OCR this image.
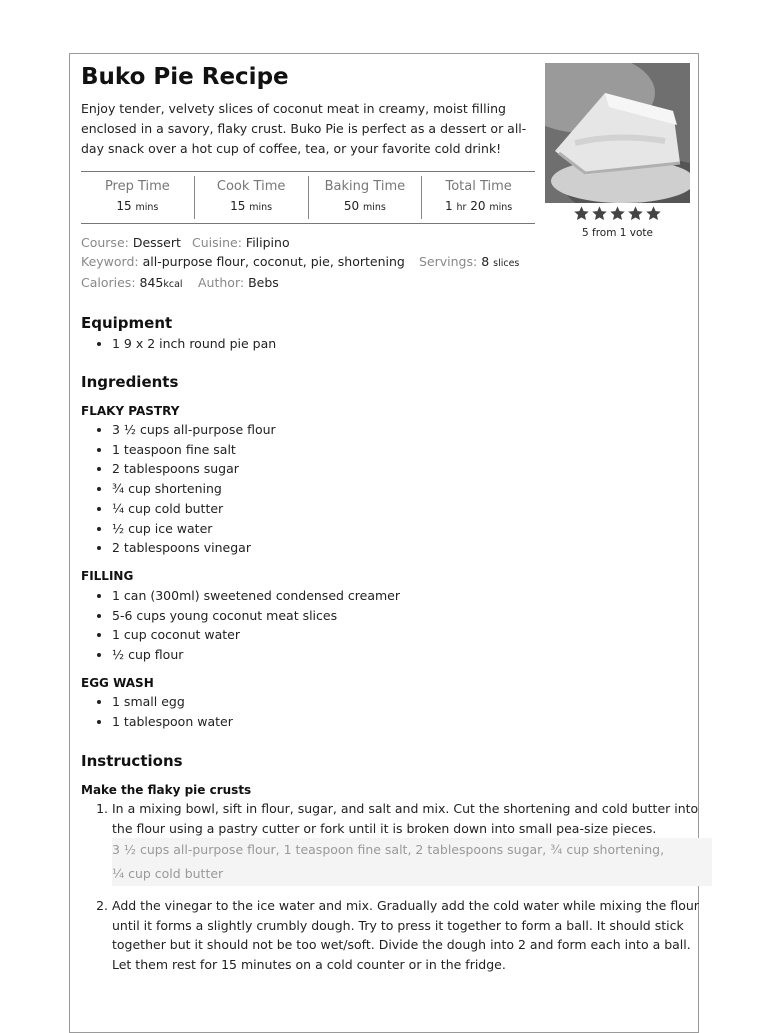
Buko Pie Recipe
Enjoy tender, velvety slices of coconut meat in creamy, moist filling enclosed in a savory, flaky crust. Buko Pie is perfect as a dessert or all-day snack over a hot cup of coffee, tea, or your favorite cold drink!
5 from 1 vote
Prep Time
15 mins
Cook Time
15 mins
Baking Time
50 mins
Total Time
1 hr 20 mins
Course: Dessert Cuisine: Filipino
Keyword: all-purpose flour, coconut, pie, shortening Servings: 8 slices
Calories: 845kcal Author: Bebs
Equipment
• 1 9 x 2 inch round pie pan
Ingredients
FLAKY PASTRY
• 3 ½ cups all-purpose flour
• 1 teaspoon fine salt
• 2 tablespoons sugar
• ¾ cup shortening
• ¼ cup cold butter
• ½ cup ice water
• 2 tablespoons vinegar
FILLING
• 1 can (300ml) sweetened condensed creamer
• 5-6 cups young coconut meat slices
• 1 cup coconut water
• ½ cup flour
EGG WASH
• 1 small egg
• 1 tablespoon water
Instructions
Make the flaky pie crusts
1. In a mixing bowl, sift in flour, sugar, and salt and mix. Cut the shortening and cold butter into the flour using a pastry cutter or fork until it is broken down into small pea-size pieces.
3 ½ cups all-purpose flour, 1 teaspoon fine salt, 2 tablespoons sugar, ¾ cup shortening,
¼ cup cold butter
2. Add the vinegar to the ice water and mix. Gradually add the cold water while mixing the flour until it forms a slightly crumbly dough. Try to press it together to form a ball. It should stick together but it should not be too wet/soft. Divide the dough into 2 and form each into a ball. Let them rest for 15 minutes on a cold counter or in the fridge.
